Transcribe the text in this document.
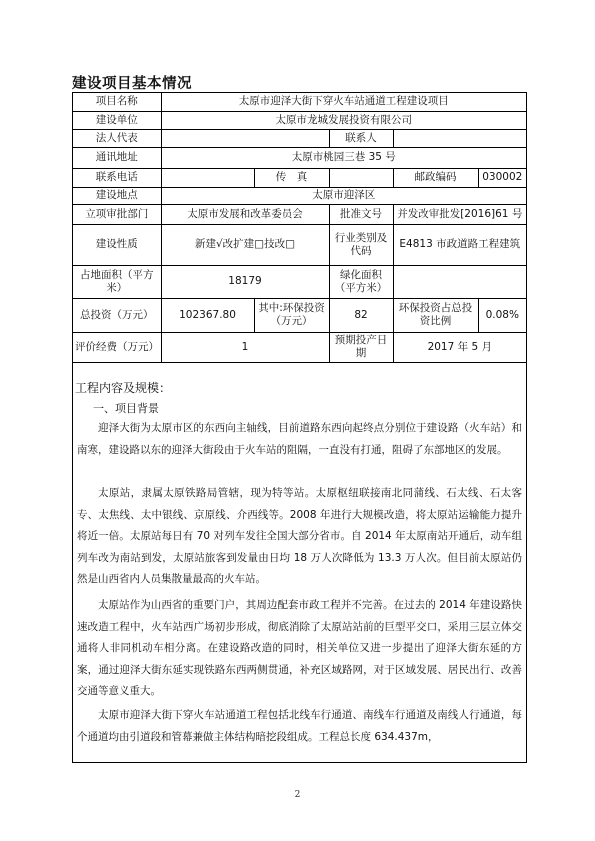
建设项目基本情况
项目名称	太原市迎泽大街下穿火车站通道工程建设项目				
建设单位	太原市龙城发展投资有限公司				
法人代表			联系人		
通讯地址	太原市桃园三巷 35 号				
联系电话		传　真		邮政编码	030002
建设地点	太原市迎泽区				
立项审批部门	太原市发展和改革委员会		批准文号	并发改审批发[2016]61 号	
建设性质	新建√改扩建□技改□		行业类别及代码	E4813 市政道路工程建筑	
占地面积（平方米）	18179		绿化面积（平方米）		
总投资（万元）	102367.80	其中:环保投资（万元）	82	环保投资占总投资比例	0.08%
评价经费（万元）	1		预期投产日期	2017 年 5 月	
工程内容及规模：
一、项目背景

迎泽大街为太原市区的东西向主轴线，目前道路东西向起终点分别位于建设路（火车站）和南寒，建设路以东的迎泽大街段由于火车站的阻隔，一直没有打通，阻碍了东部地区的发展。

太原站，隶属太原铁路局管辖，现为特等站。太原枢纽联接南北同蒲线、石太线、石太客专、太焦线、太中银线、京原线、介西线等。2008 年进行大规模改造，将太原站运输能力提升将近一倍。太原站每日有 70 对列车发往全国大部分省市。自 2014 年太原南站开通后，动车组列车改为南站到发，太原站旅客到发量由日均 18 万人次降低为 13.3 万人次。但目前太原站仍然是山西省内人员集散量最高的火车站。

太原站作为山西省的重要门户，其周边配套市政工程并不完善。在过去的 2014 年建设路快速改造工程中，火车站西广场初步形成，彻底消除了太原站站前的巨型平交口，采用三层立体交通将人非同机动车相分离。在建设路改造的同时，相关单位又进一步提出了迎泽大街东延的方案，通过迎泽大街东延实现铁路东西两侧贯通，补充区域路网，对于区域发展、居民出行、改善交通等意义重大。

太原市迎泽大街下穿火车站通道工程包括北线车行通道、南线车行通道及南线人行通道，每个通道均由引道段和管幕兼做主体结构暗挖段组成。工程总长度 634.437m，

2
